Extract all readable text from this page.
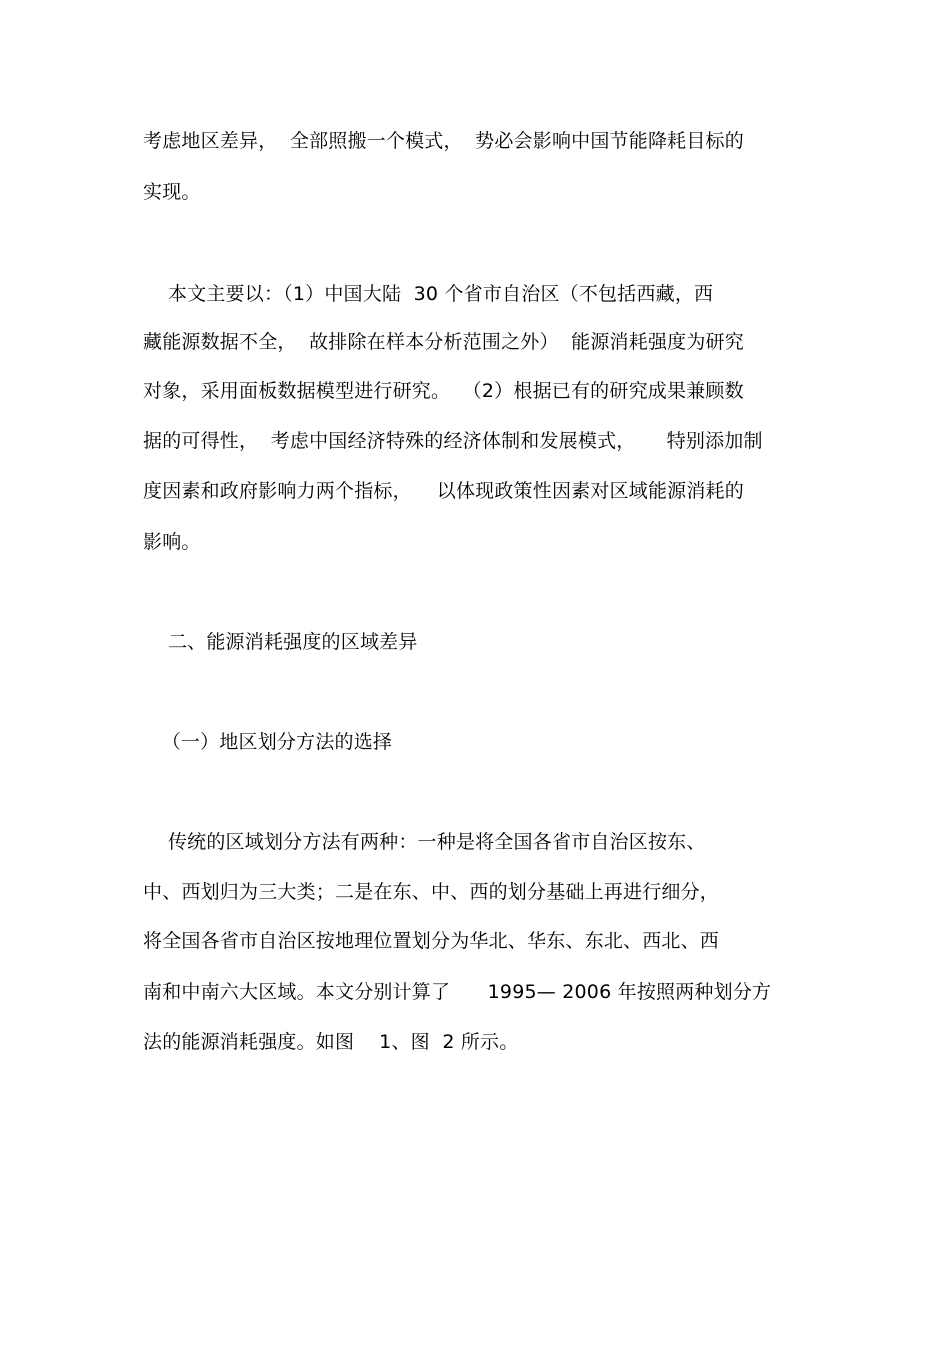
考虑地区差异，  全部照搬一个模式，  势必会影响中国节能降耗目标的
实现。
本文主要以：（1）中国大陆  30 个省市自治区（不包括西藏，西
藏能源数据不全，  故排除在样本分析范围之外）  能源消耗强度为研究
对象，采用面板数据模型进行研究。  （2）根据已有的研究成果兼顾数
据的可得性，  考虑中国经济特殊的经济体制和发展模式，     特别添加制
度因素和政府影响力两个指标，    以体现政策性因素对区域能源消耗的
影响。
二、能源消耗强度的区域差异
（一）地区划分方法的选择
传统的区域划分方法有两种：一种是将全国各省市自治区按东、
中、西划归为三大类；二是在东、中、西的划分基础上再进行细分，
将全国各省市自治区按地理位置划分为华北、华东、东北、西北、西
南和中南六大区域。本文分别计算了      1995— 2006 年按照两种划分方
法的能源消耗强度。如图    1、图  2 所示。
